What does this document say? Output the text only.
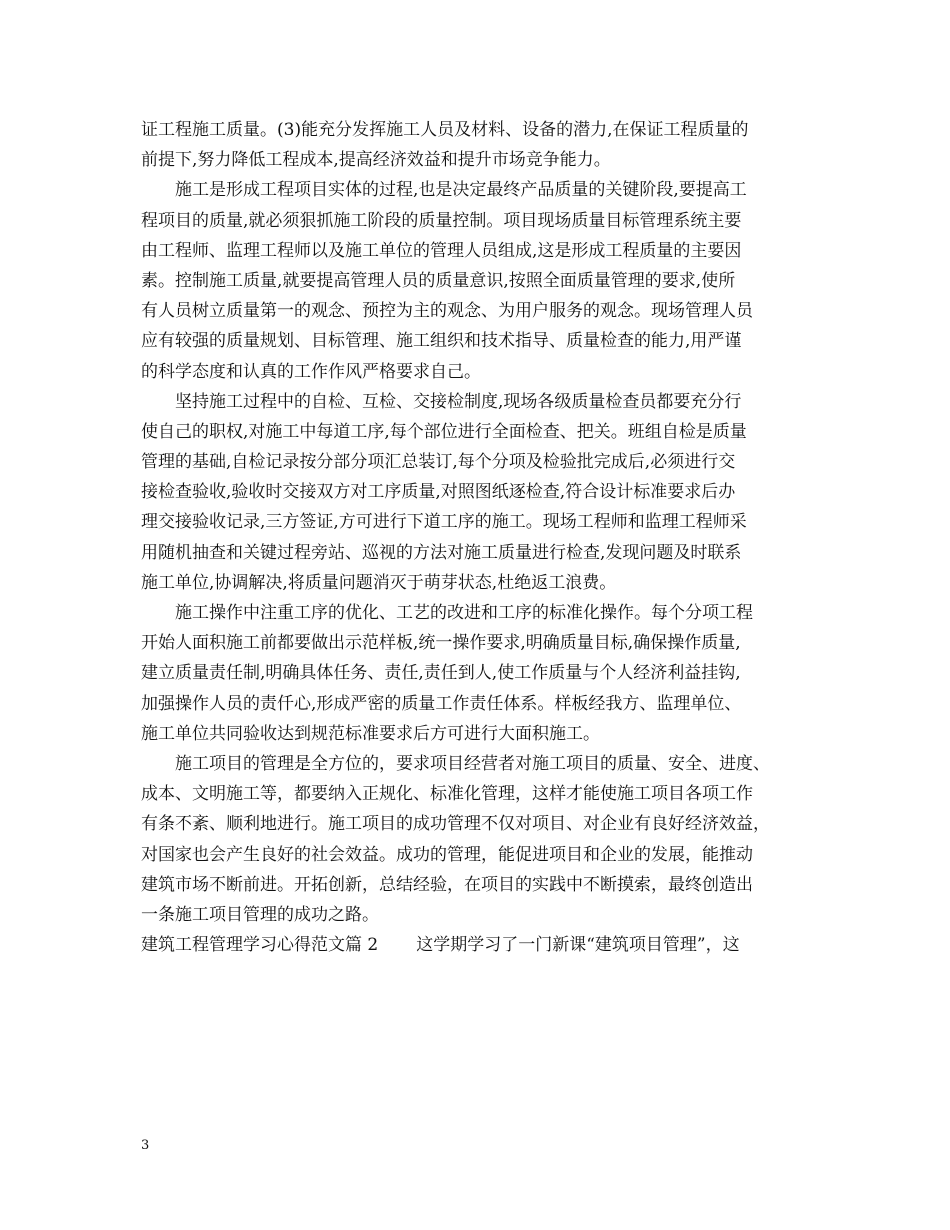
证工程施工质量。(3)能充分发挥施工人员及材料、设备的潜力,在保证工程质量的
前提下,努力降低工程成本,提高经济效益和提升市场竞争能力。
施工是形成工程项目实体的过程,也是决定最终产品质量的关键阶段,要提高工
程项目的质量,就必须狠抓施工阶段的质量控制。项目现场质量目标管理系统主要
由工程师、监理工程师以及施工单位的管理人员组成,这是形成工程质量的主要因
素。控制施工质量,就要提高管理人员的质量意识,按照全面质量管理的要求,使所
有人员树立质量第一的观念、预控为主的观念、为用户服务的观念。现场管理人员
应有较强的质量规划、目标管理、施工组织和技术指导、质量检查的能力,用严谨
的科学态度和认真的工作作风严格要求自己。
坚持施工过程中的自检、互检、交接检制度,现场各级质量检查员都要充分行
使自己的职权,对施工中每道工序,每个部位进行全面检查、把关。班组自检是质量
管理的基础,自检记录按分部分项汇总装订,每个分项及检验批完成后,必须进行交
接检查验收,验收时交接双方对工序质量,对照图纸逐检查,符合设计标准要求后办
理交接验收记录,三方签证,方可进行下道工序的施工。现场工程师和监理工程师采
用随机抽查和关键过程旁站、巡视的方法对施工质量进行检查,发现问题及时联系
施工单位,协调解决,将质量问题消灭于萌芽状态,杜绝返工浪费。
施工操作中注重工序的优化、工艺的改进和工序的标准化操作。每个分项工程
开始人面积施工前都要做出示范样板,统一操作要求,明确质量目标,确保操作质量,
建立质量责任制,明确具体任务、责任,责任到人,使工作质量与个人经济利益挂钩,
加强操作人员的责仟心,形成严密的质量工作责任体系。样板经我方、监理单位、
施工单位共同验收达到规范标准要求后方可进行大面积施工。
施工项目的管理是全方位的，要求项目经营者对施工项目的质量、安全、进度、
成本、文明施工等，都要纳入正规化、标准化管理，这样才能使施工项目各项工作
有条不紊、顺利地进行。施工项目的成功管理不仅对项目、对企业有良好经济效益，
对国家也会产生良好的社会效益。成功的管理，能促进项目和企业的发展，能推动
建筑市场不断前进。开拓创新，总结经验，在项目的实践中不断摸索，最终创造出
一条施工项目管理的成功之路。
建筑工程管理学习心得范文篇 2 这学期学习了一门新课“建筑项目管理”，这
3
